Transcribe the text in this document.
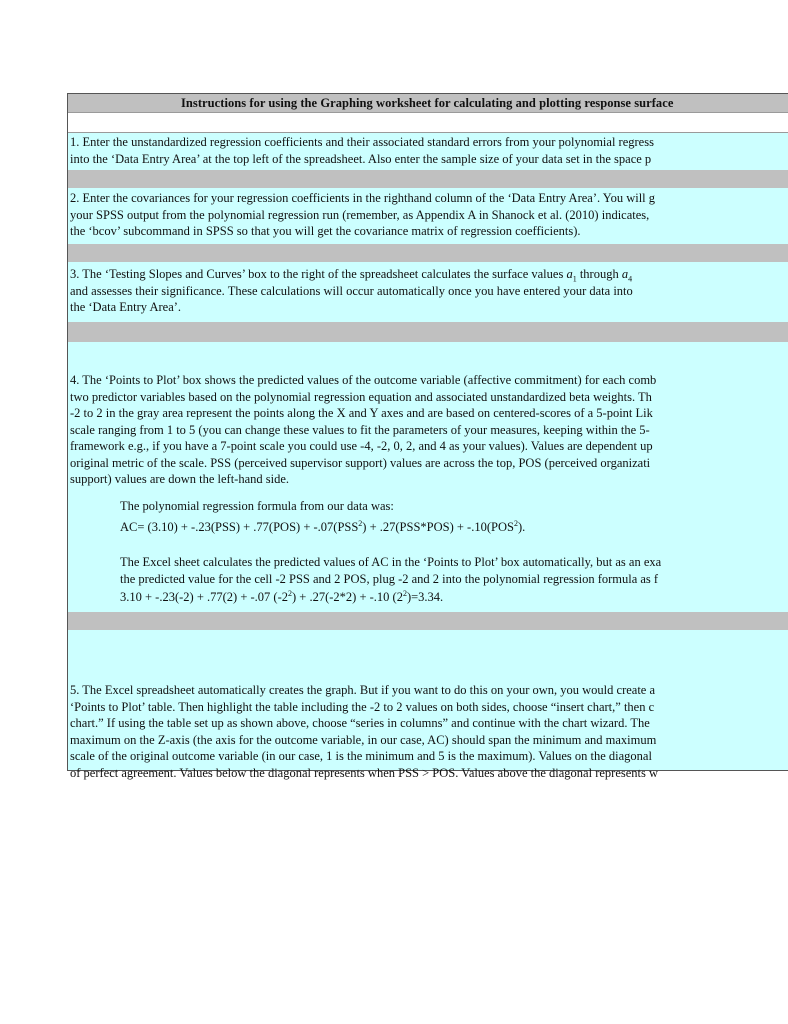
Instructions for using the Graphing worksheet for calculating and plotting response surface
1. Enter the unstandardized regression coefficients and their associated standard errors from your polynomial regress
into the ‘Data Entry Area’ at the top left of the spreadsheet. Also enter the sample size of your data set in the space p
2. Enter the covariances for your regression coefficients in the righthand column of the ‘Data Entry Area’. You will g
your SPSS output from the polynomial regression run (remember, as Appendix A in Shanock et al. (2010) indicates,
the ‘bcov’ subcommand in SPSS so that you will get the covariance matrix of regression coefficients).
3. The ‘Testing Slopes and Curves’ box to the right of the spreadsheet calculates the surface values $a_1$ through $a_4$
and assesses their significance. These calculations will occur automatically once you have entered your data into
the ‘Data Entry Area’.
4. The ‘Points to Plot’ box shows the predicted values of the outcome variable (affective commitment) for each comb
two predictor variables based on the polynomial regression equation and associated unstandardized beta weights. Th
-2 to 2 in the gray area represent the points along the X and Y axes and are based on centered-scores of a 5-point Lik
scale ranging from 1 to 5 (you can change these values to fit the parameters of your measures, keeping within the 5-
framework e.g., if you have a 7-point scale you could use -4, -2, 0, 2, and 4 as your values). Values are dependent up
original metric of the scale. PSS (perceived supervisor support) values are across the top, POS (perceived organizati
support) values are down the left-hand side.
The polynomial regression formula from our data was:
$AC= (3.10) + -.23(PSS) + .77(POS) + -.07(PSS^2) + .27(PSS*POS) + -.10(POS^2)$.
The Excel sheet calculates the predicted values of AC in the ‘Points to Plot’ box automatically, but as an exa
the predicted value for the cell -2 PSS and 2 POS, plug -2 and 2 into the polynomial regression formula as f
3.10 + -.23(-2) + .77(2) + -.07 $(-2^2) + .27(-2*2) + -.10$ $(2^2)=3.34$.
5. The Excel spreadsheet automatically creates the graph. But if you want to do this on your own, you would create a
‘Points to Plot’ table. Then highlight the table including the -2 to 2 values on both sides, choose “insert chart,” then c
chart.” If using the table set up as shown above, choose “series in columns” and continue with the chart wizard. The
maximum on the Z-axis (the axis for the outcome variable, in our case, AC) should span the minimum and maximum
scale of the original outcome variable (in our case, 1 is the minimum and 5 is the maximum). Values on the diagonal
of perfect agreement. Values below the diagonal represents when PSS > POS. Values above the diagonal represents w
